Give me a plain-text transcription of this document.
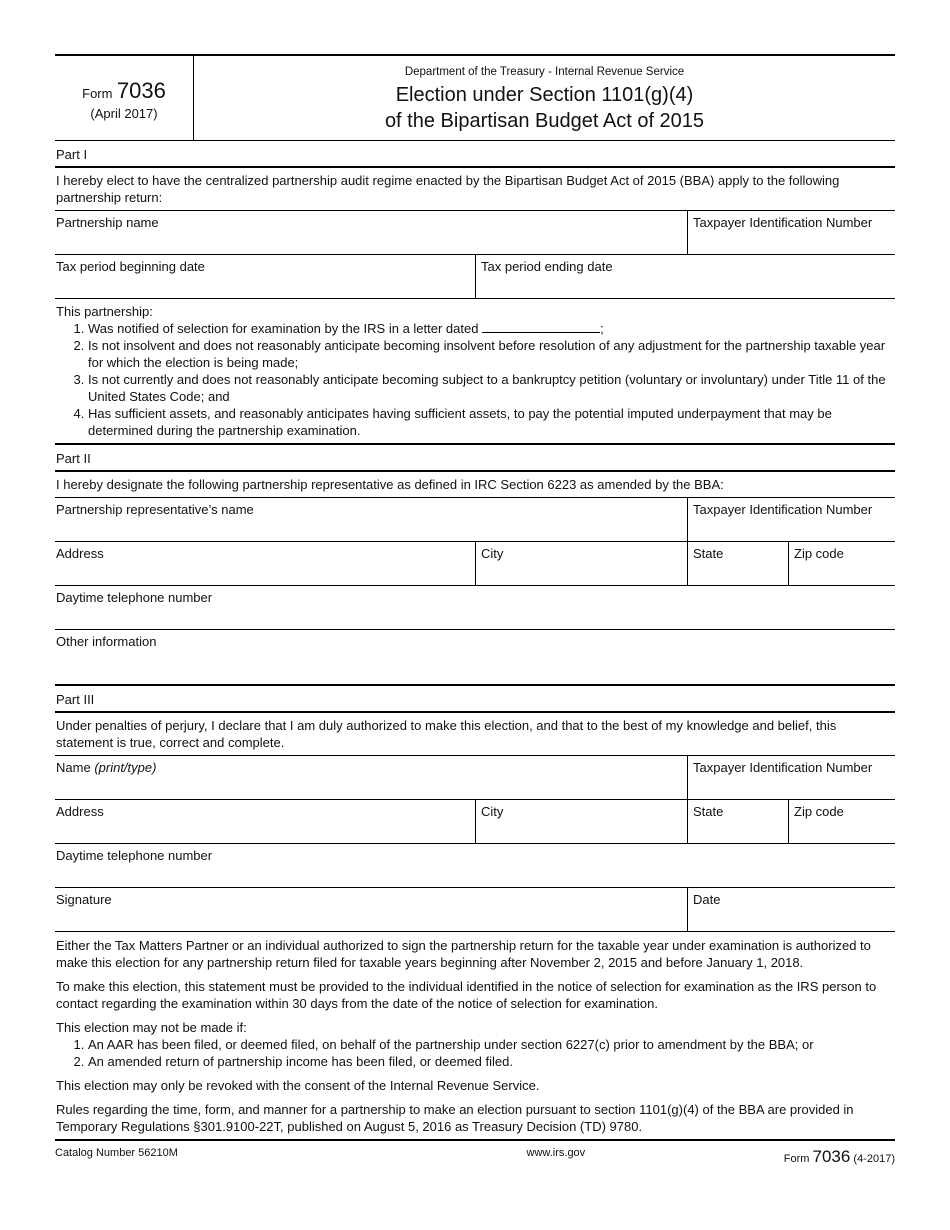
Form 7036
(April 2017)
Department of the Treasury - Internal Revenue Service
Election under Section 1101(g)(4)
of the Bipartisan Budget Act of 2015
Part I
I hereby elect to have the centralized partnership audit regime enacted by the Bipartisan Budget Act of 2015 (BBA) apply to the following partnership return:
Partnership name	Taxpayer Identification Number
Tax period beginning date	Tax period ending date
This partnership:
1. Was notified of selection for examination by the IRS in a letter dated	;
2. Is not insolvent and does not reasonably anticipate becoming insolvent before resolution of any adjustment for the partnership taxable year for which the election is being made;
3. Is not currently and does not reasonably anticipate becoming subject to a bankruptcy petition (voluntary or involuntary) under Title 11 of the United States Code; and
4. Has sufficient assets, and reasonably anticipates having sufficient assets, to pay the potential imputed underpayment that may be determined during the partnership examination.
Part II
I hereby designate the following partnership representative as defined in IRC Section 6223 as amended by the BBA:
Partnership representative’s name	Taxpayer Identification Number
Address	City	State	Zip code
Daytime telephone number
Other information
Part III
Under penalties of perjury, I declare that I am duly authorized to make this election, and that to the best of my knowledge and belief, this statement is true, correct and complete.
Name (print/type)	Taxpayer Identification Number
Address	City	State	Zip code
Daytime telephone number
Signature	Date

Either the Tax Matters Partner or an individual authorized to sign the partnership return for the taxable year under examination is authorized to make this election for any partnership return filed for taxable years beginning after November 2, 2015 and before January 1, 2018.

To make this election, this statement must be provided to the individual identified in the notice of selection for examination as the IRS person to contact regarding the examination within 30 days from the date of the notice of selection for examination.

This election may not be made if:

1. An AAR has been filed, or deemed filed, on behalf of the partnership under section 6227(c) prior to amendment by the BBA; or
2. An amended return of partnership income has been filed, or deemed filed.

This election may only be revoked with the consent of the Internal Revenue Service.

Rules regarding the time, form, and manner for a partnership to make an election pursuant to section 1101(g)(4) of the BBA are provided in Temporary Regulations §301.9100-22T, published on August 5, 2016 as Treasury Decision (TD) 9780.

Catalog Number 56210M	www.irs.gov	Form 7036 (4-2017)
